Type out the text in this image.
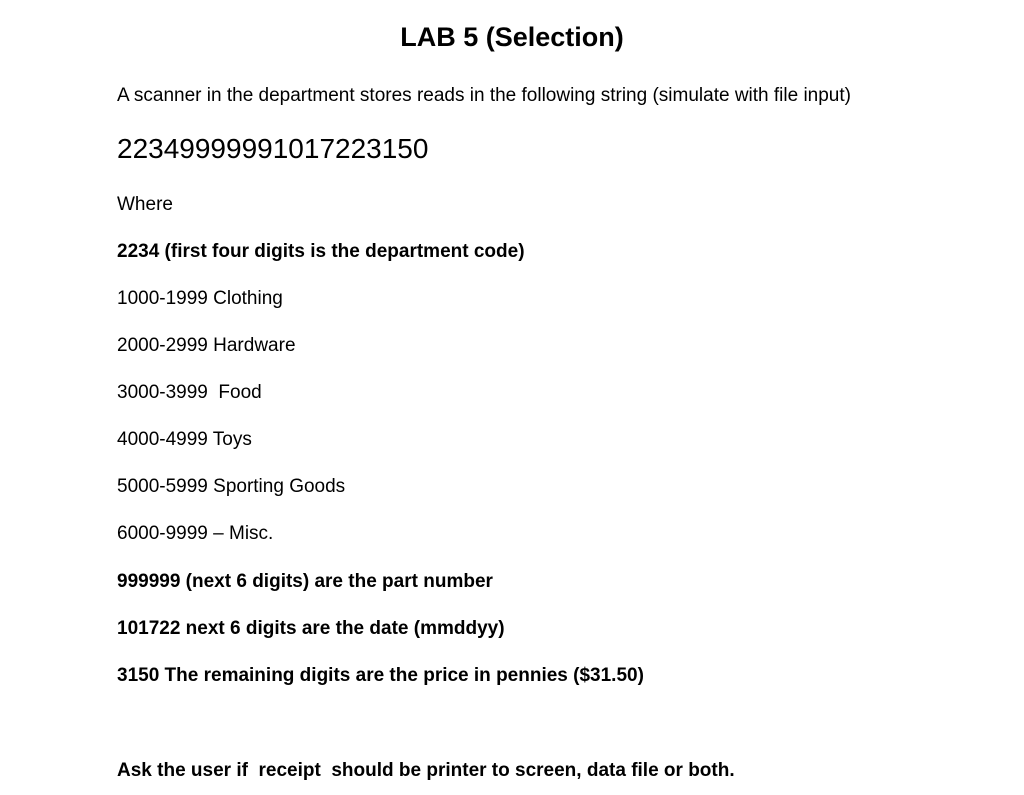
LAB 5 (Selection)
A scanner in the department stores reads in the following string (simulate with file input)
22349999991017223150
Where
2234 (first four digits is the department code)
1000-1999 Clothing
2000-2999 Hardware
3000-3999  Food
4000-4999 Toys
5000-5999 Sporting Goods
6000-9999 – Misc.
999999 (next 6 digits) are the part number
101722 next 6 digits are the date (mmddyy)
3150 The remaining digits are the price in pennies ($31.50)
Ask the user if  receipt  should be printer to screen, data file or both.
